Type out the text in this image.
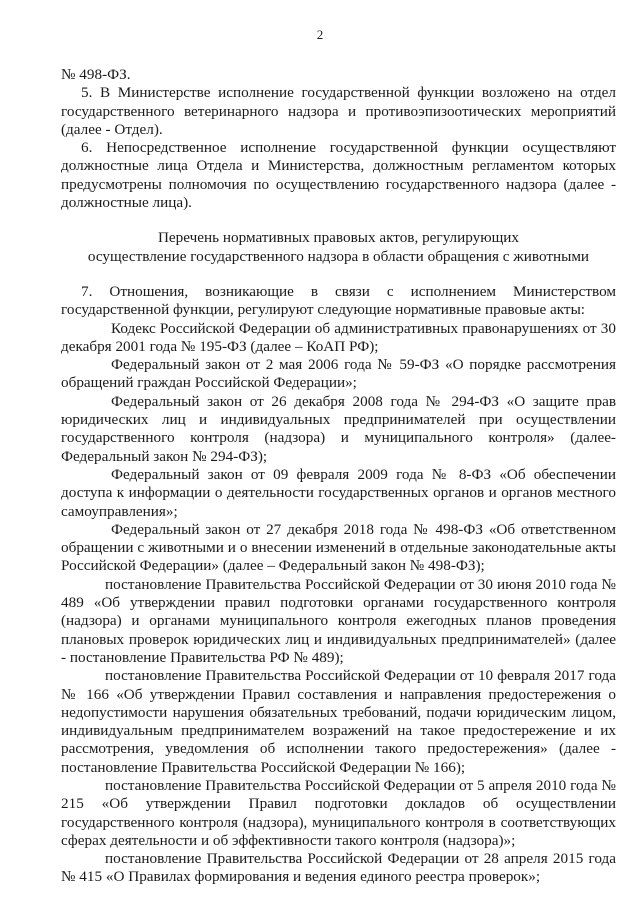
2

№ 498-ФЗ.

5. В Министерстве исполнение государственной функции возложено на отдел государственного ветеринарного надзора и противоэпизоотических мероприятий (далее - Отдел).

6. Непосредственное исполнение государственной функции осуществляют должностные лица Отдела и Министерства, должностным регламентом которых предусмотрены полномочия по осуществлению государственного надзора (далее - должностные лица).

Перечень нормативных правовых актов, регулирующих
осуществление государственного надзора в области обращения с животными

7. Отношения, возникающие в связи с исполнением Министерством государственной функции, регулируют следующие нормативные правовые акты:

Кодекс Российской Федерации об административных правонарушениях от 30 декабря 2001 года № 195-ФЗ (далее – КоАП РФ);

Федеральный закон от 2 мая 2006 года № 59-ФЗ «О порядке рассмотрения обращений граждан Российской Федерации»;

Федеральный закон от 26 декабря 2008 года № 294-ФЗ «О защите прав юридических лиц и индивидуальных предпринимателей при осуществлении государственного контроля (надзора) и муниципального контроля» (далее- Федеральный закон № 294-ФЗ);

Федеральный закон от 09 февраля 2009 года № 8-ФЗ «Об обеспечении доступа к информации о деятельности государственных органов и органов местного самоуправления»;

Федеральный закон от 27 декабря 2018 года № 498-ФЗ «Об ответственном обращении с животными и о внесении изменений в отдельные законодательные акты Российской Федерации» (далее – Федеральный закон № 498-ФЗ);

постановление Правительства Российской Федерации от 30 июня 2010 года № 489 «Об утверждении правил подготовки органами государственного контроля (надзора) и органами муниципального контроля ежегодных планов проведения плановых проверок юридических лиц и индивидуальных предпринимателей» (далее - постановление Правительства РФ № 489);

постановление Правительства Российской Федерации от 10 февраля 2017 года № 166 «Об утверждении Правил составления и направления предостережения о недопустимости нарушения обязательных требований, подачи юридическим лицом, индивидуальным предпринимателем возражений на такое предостережение и их рассмотрения, уведомления об исполнении такого предостережения» (далее - постановление Правительства Российской Федерации № 166);

постановление Правительства Российской Федерации от 5 апреля 2010 года № 215 «Об утверждении Правил подготовки докладов об осуществлении государственного контроля (надзора), муниципального контроля в соответствующих сферах деятельности и об эффективности такого контроля (надзора)»;

постановление Правительства Российской Федерации от 28 апреля 2015 года № 415 «О Правилах формирования и ведения единого реестра проверок»;
